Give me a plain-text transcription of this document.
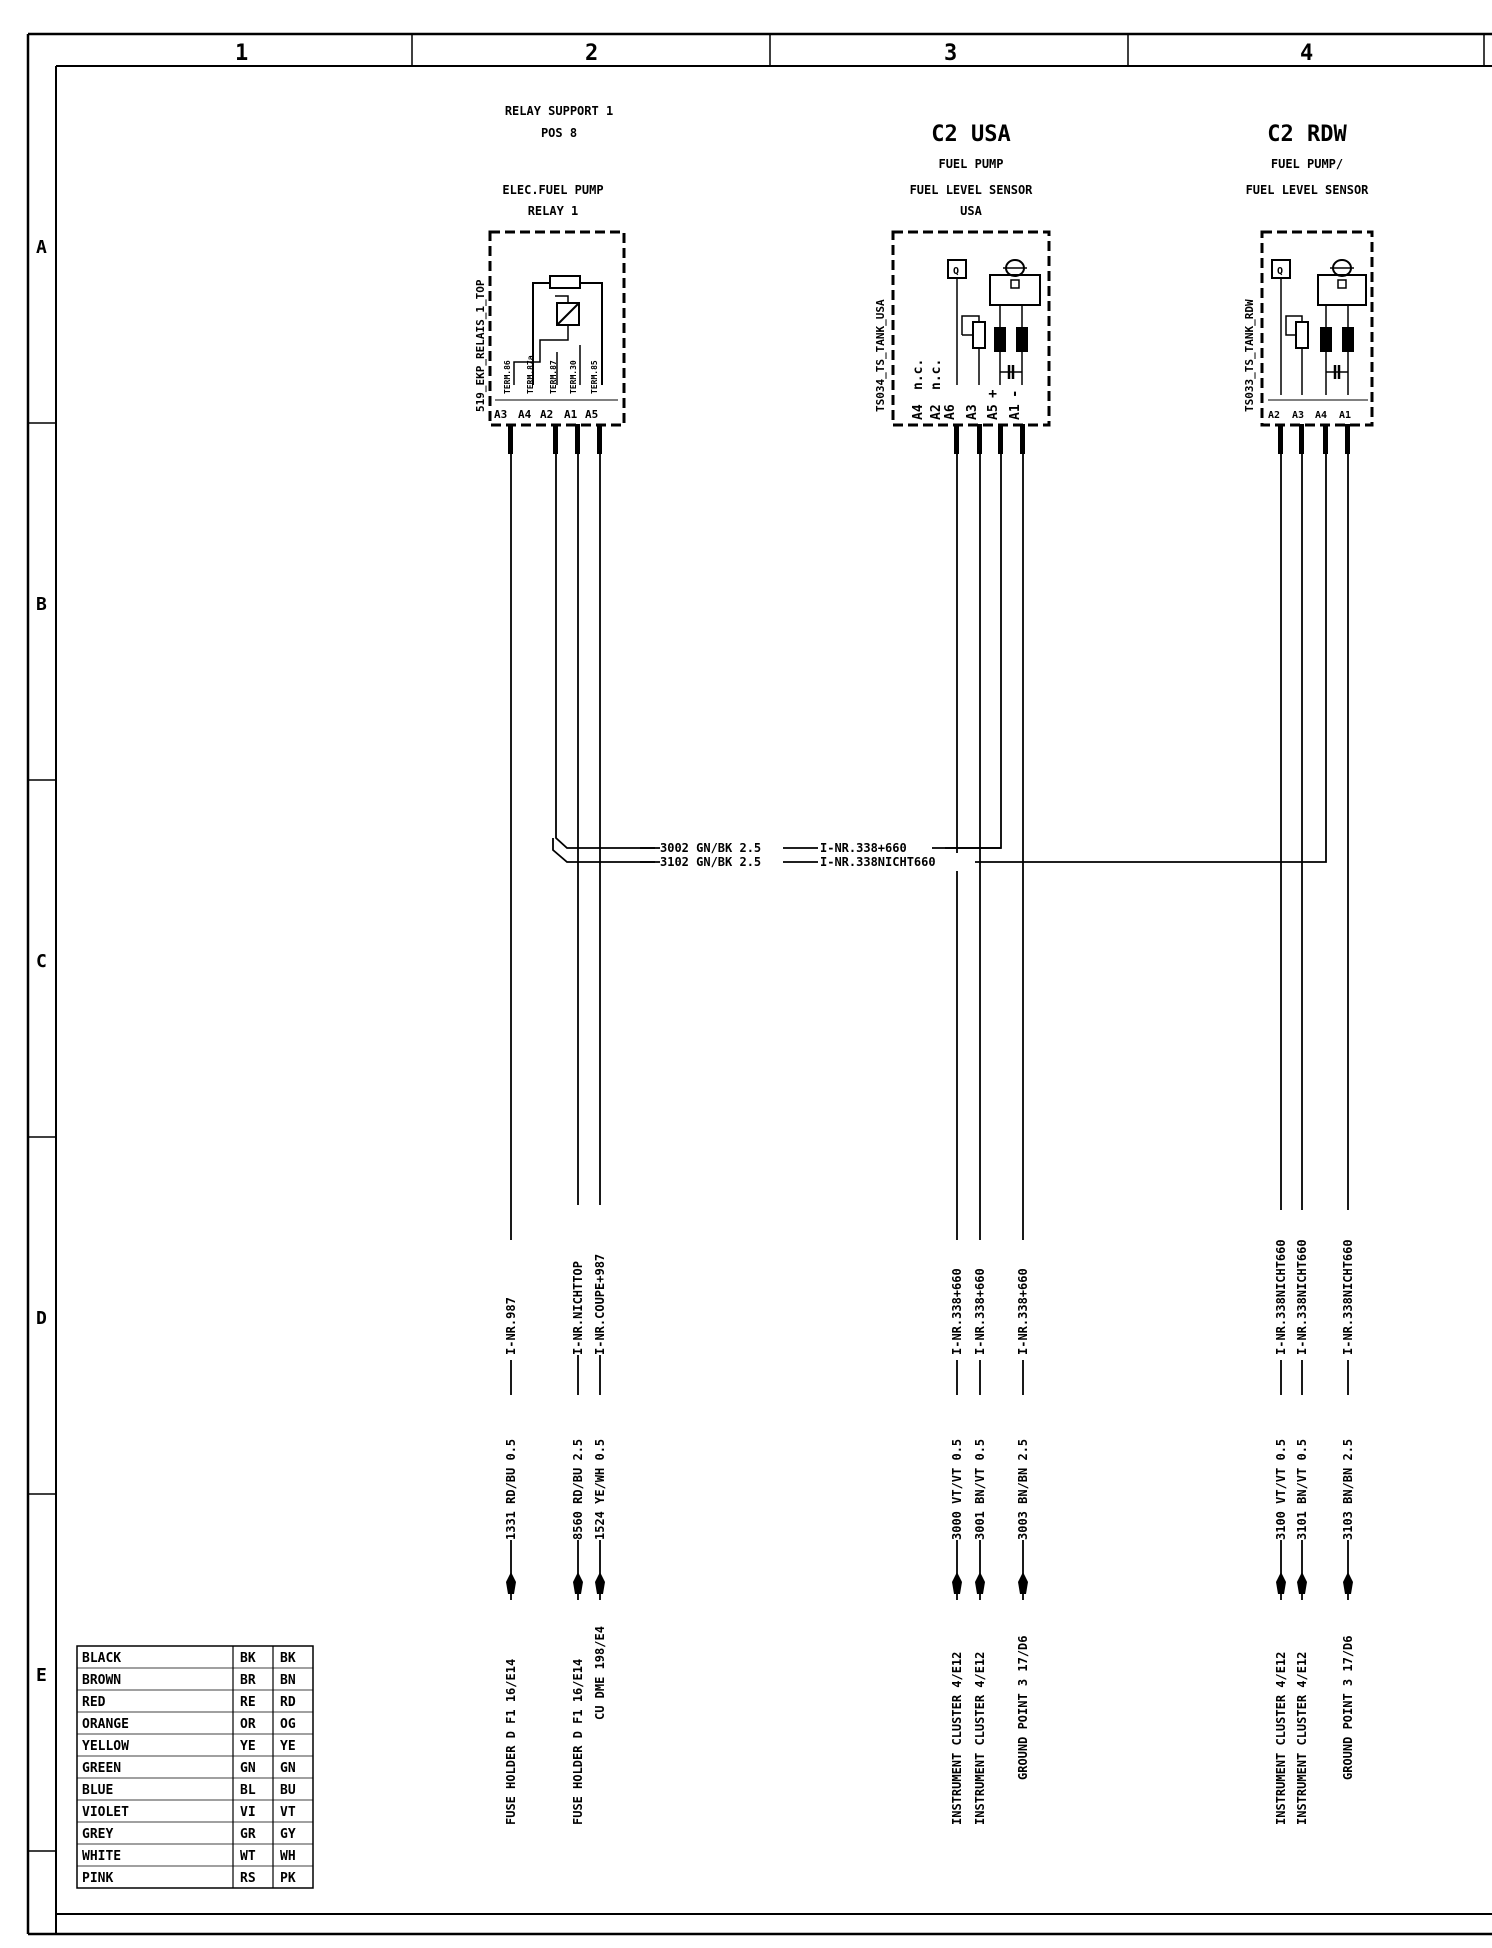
1	2	3	4
A
B
C
D
E
RELAY SUPPORT 1
POS 8
ELEC.FUEL PUMP
RELAY 1
519_EKP_RELAIS_1_TOP TERM.86 TERM.87a TERM.87 TERM.30 TERM.85
A3 A4 A2 A1 A5
C2 USA
FUEL PUMP
FUEL LEVEL SENSOR
USA
TS034_TS_TANK_USA
Q
A4
n.c.
A2
n.c.
A6 A3 A5
+
A1
-
C2 RDW
FUEL PUMP/
FUEL LEVEL SENSOR
TS033_TS_TANK_RDW
Q
A2 A3 A4 A1
3002 GN/BK 2.5	I-NR.338+660
3102 GN/BK 2.5	I-NR.338NICHT660
I-NR.987
1331 RD/BU 0.5
I-NR.NICHTTOP
8560 RD/BU 2.5
I-NR.COUPE+987
1524 YE/WH 0.5
I-NR.338+660
3000 VT/VT 0.5
I-NR.338+660
3001 BN/VT 0.5
I-NR.338+660
3003 BN/BN 2.5
I-NR.338NICHT660
3100 VT/VT 0.5
I-NR.338NICHT660
3101 BN/VT 0.5
I-NR.338NICHT660
3103 BN/BN 2.5
FUSE HOLDER D F1 16/E14	FUSE HOLDER D F1 16/E14 CU DME 198/E4	INSTRUMENT CLUSTER 4/E12 INSTRUMENT CLUSTER 4/E12 GROUND POINT 3 17/D6	INSTRUMENT CLUSTER 4/E12 INSTRUMENT CLUSTER 4/E12	GROUND POINT 3 17/D6
BLACK	BK BK
BROWN	BR BN
RED	RE RD
ORANGE	OR OG
YELLOW	YE YE
GREEN	GN GN
BLUE	BL BU
VIOLET	VI VT
GREY	GR GY
WHITE	WT WH
PINK	RS PK
